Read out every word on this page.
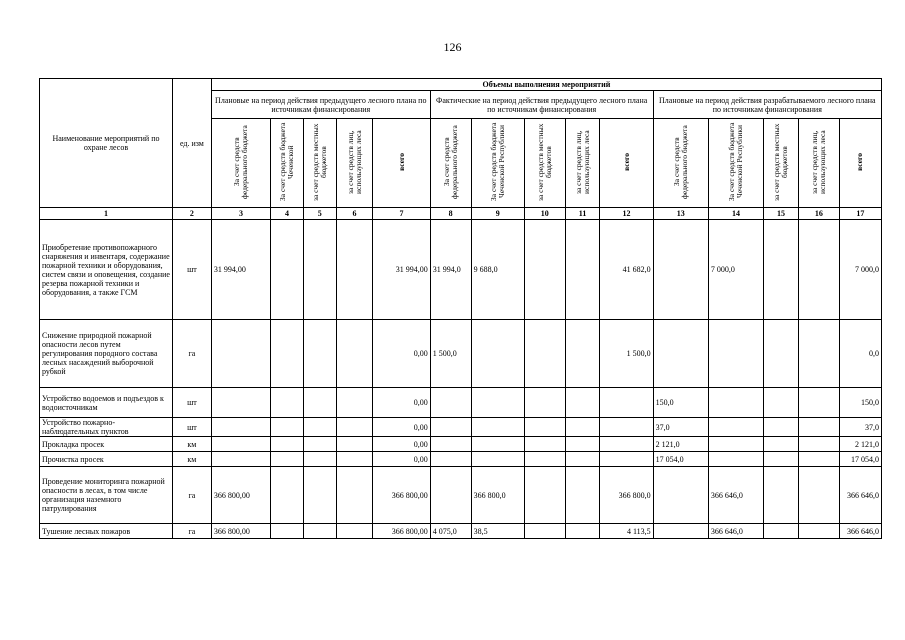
126
Наименование мероприятий по охране лесов	ед. изм	Объемы выполнения мероприятий														
		Плановые на период действия предыдущего лесного плана по источникам финансирования					Фактические на период действия предыдущего лесного плана по источникам финансирования					Плановые на период действия разрабатываемого лесного плана по источникам финансирования				
		За счет средств федерального бюджета	За счет средств бюджета Чеченской	за счет средств местных бюджетов	за счет средств лиц, использующих леса	всего	За счет средств федерального бюджета	За счет средств бюджета Чеченской Республики	за счет средств местных бюджетов	за счет средств лиц, использующих леса	всего	За счет средств федерального бюджета	За счет средств бюджета Чеченской Республики	за счет средств местных бюджетов	за счет средств лиц, использующих леса	всего
1	2	3	4	5	6	7	8	9	10	11	12	13	14	15	16	17
Приобретение противопожарного снаряжения и инвентаря, содержание пожарной техники и оборудования, систем связи и оповещения, создание резерва пожарной техники и оборудования, а также ГСМ	шт	31 994,00				31 994,00	31 994,0	9 688,0			41 682,0		7 000,0			7 000,0
Снижение природной пожарной опасности лесов путем регулирования породного состава лесных насаждений выборочной рубкой	га					0,00	1 500,0				1 500,0					0,0
Устройство водоемов и подъездов к водоисточникам	шт					0,00						150,0				150,0
Устройство пожарно-наблюдательных пунктов	шт					0,00						37,0				37,0
Прокладка просек	км					0,00						2 121,0				2 121,0
Прочистка просек	км					0,00						17 054,0				17 054,0
Проведение мониторинга пожарной опасности в лесах, в том числе организация наземного патрулирования	га	366 800,00				366 800,00		366 800,0			366 800,0		366 646,0			366 646,0
Тушение лесных пожаров	га	366 800,00				366 800,00	4 075,0	38,5			4 113,5		366 646,0			366 646,0
